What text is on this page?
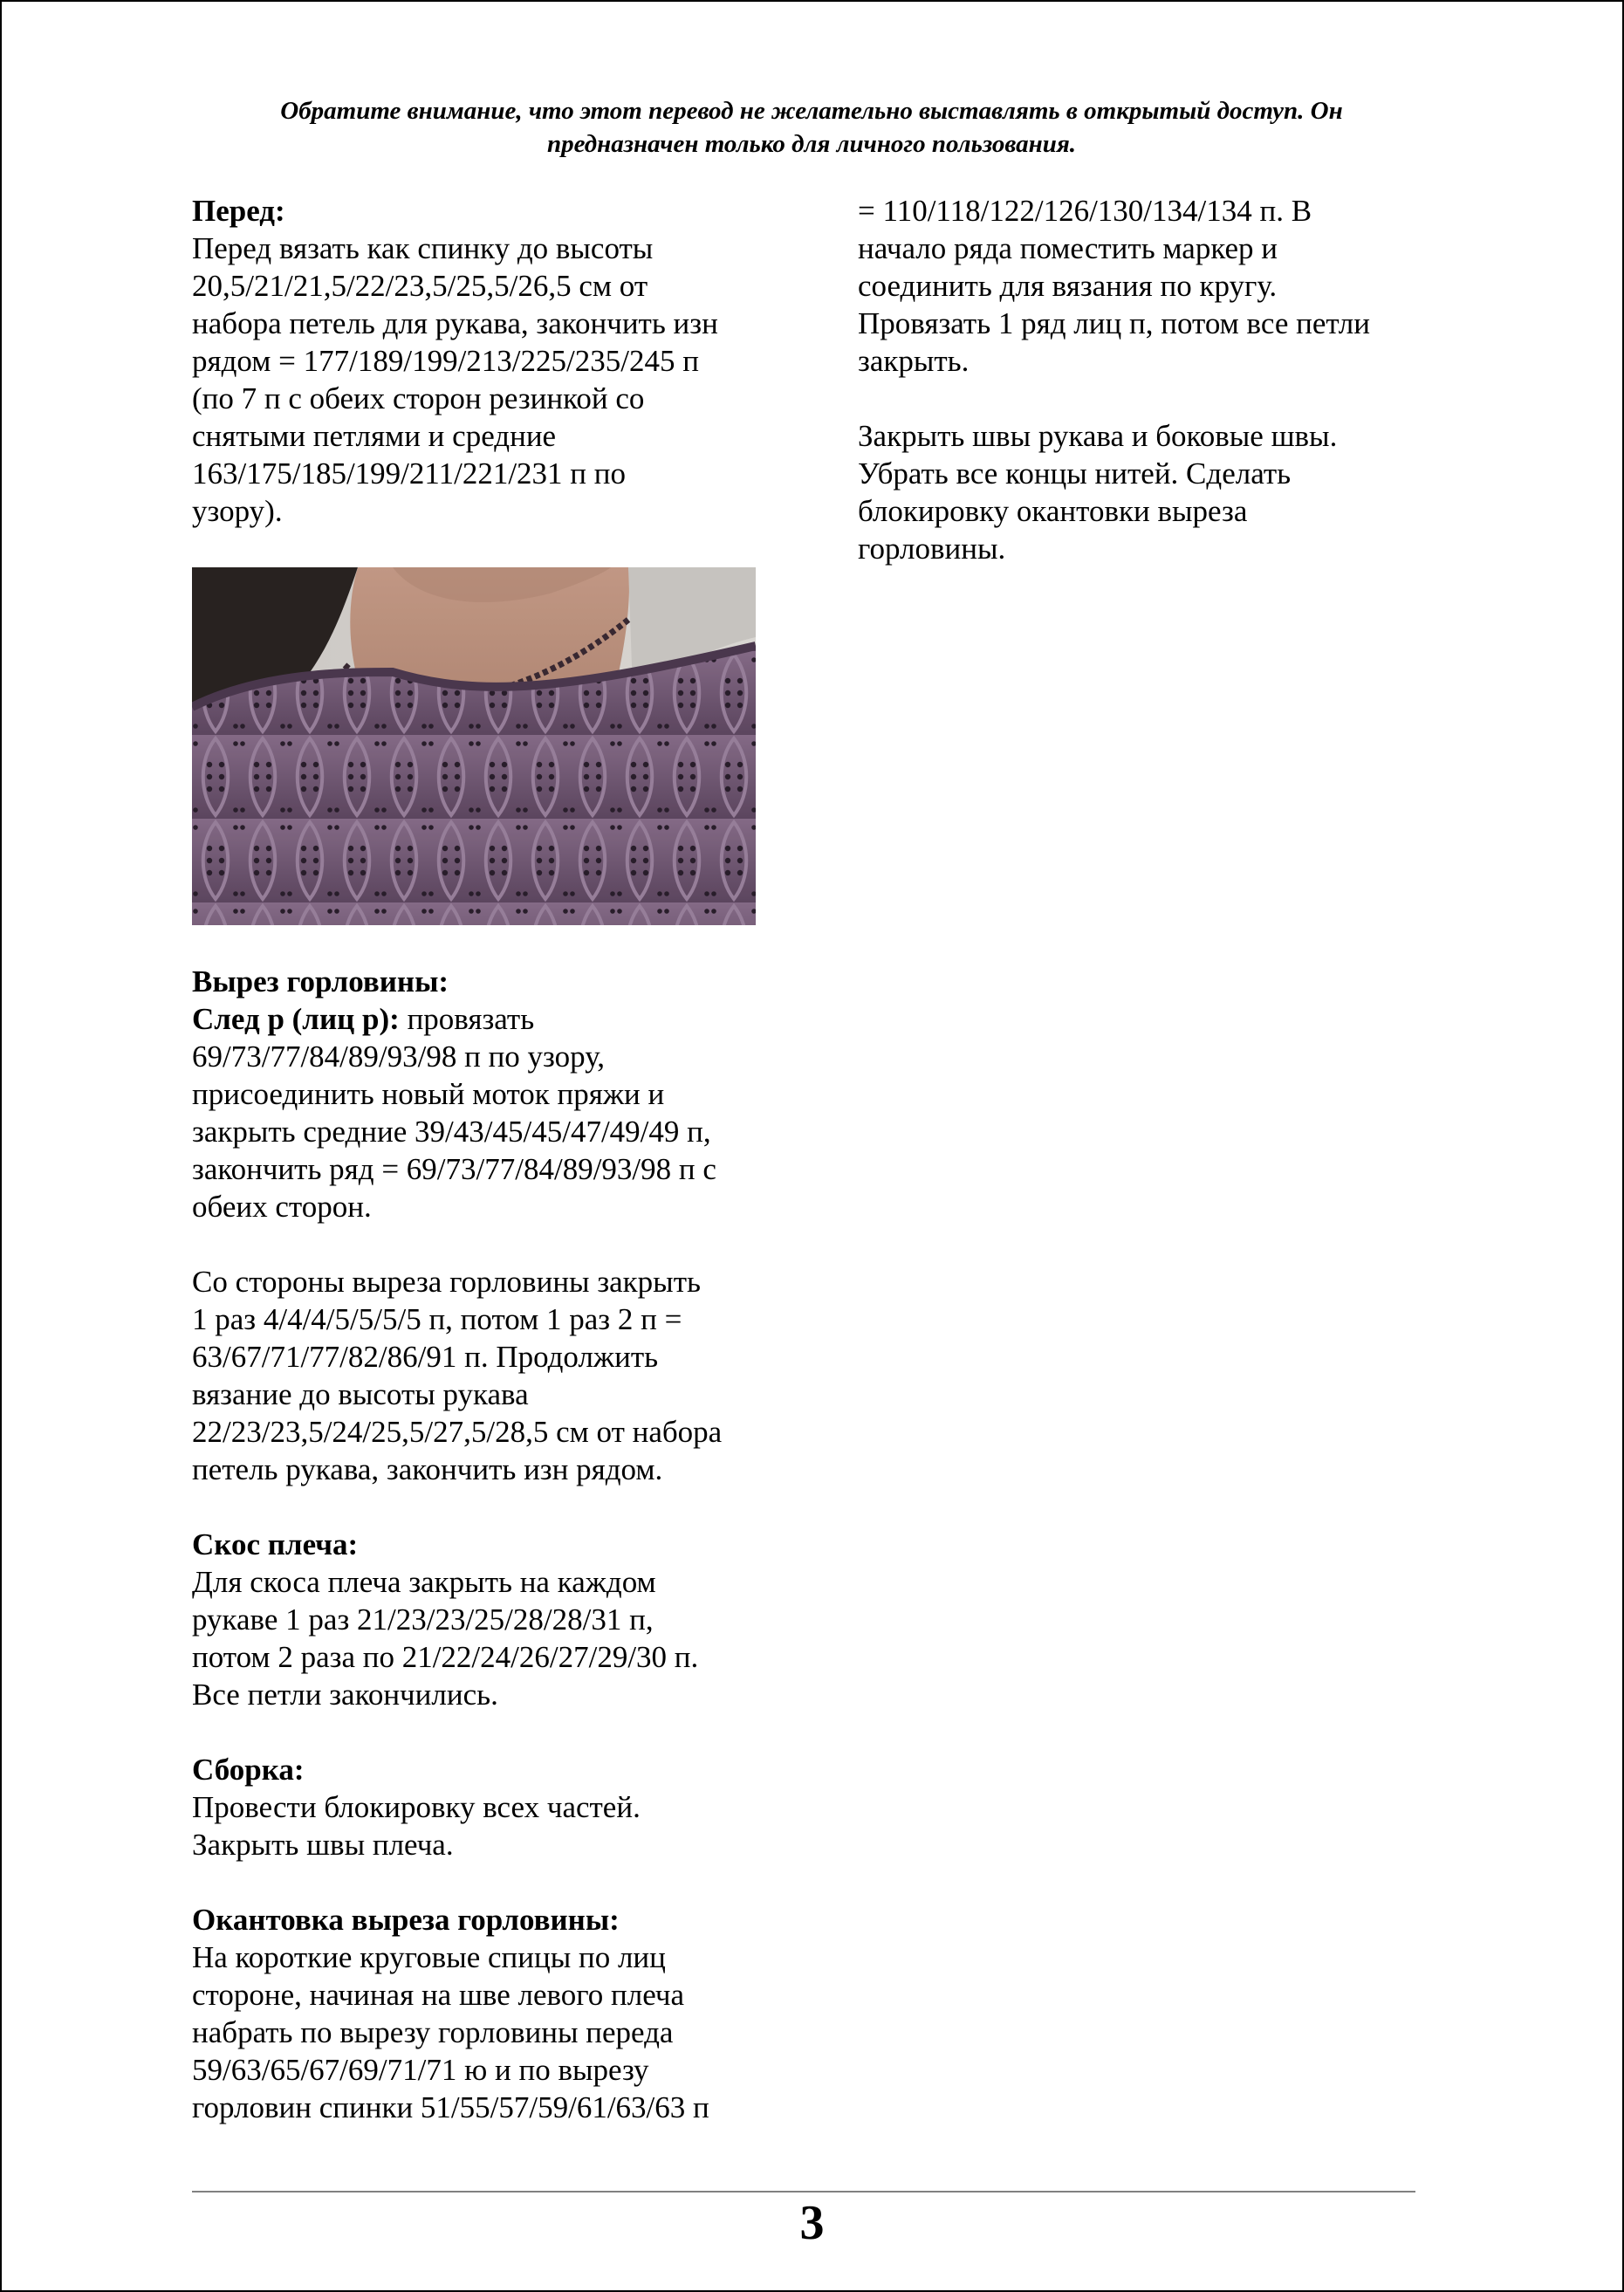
Обратите внимание, что этот перевод не желательно выставлять в открытый доступ. Он
предназначен только для личного пользования.
Перед:

Перед вязать как спинку до высоты
20,5/21/21,5/22/23,5/25,5/26,5 см от
набора петель для рукава, закончить изн
рядом = 177/189/199/213/225/235/245 п
(по 7 п с обеих сторон резинкой со
снятыми петлями и средние
163/175/185/199/211/221/231 п по
узору).

Вырез горловины:

След р (лиц р): провязать
69/73/77/84/89/93/98 п по узору,
присоединить новый моток пряжи и
закрыть средние 39/43/45/45/47/49/49 п,
закончить ряд = 69/73/77/84/89/93/98 п с
обеих сторон.

Со стороны выреза горловины закрыть
1 раз 4/4/4/5/5/5/5 п, потом 1 раз 2 п =
63/67/71/77/82/86/91 п. Продолжить
вязание до высоты рукава
22/23/23,5/24/25,5/27,5/28,5 см от набора
петель рукава, закончить изн рядом.

Скос плеча:

Для скоса плеча закрыть на каждом
рукаве 1 раз 21/23/23/25/28/28/31 п,
потом 2 раза по 21/22/24/26/27/29/30 п.
Все петли закончились.

Сборка:

Провести блокировку всех частей.
Закрыть швы плеча.

Окантовка выреза горловины:

На короткие круговые спицы по лиц
стороне, начиная на шве левого плеча
набрать по вырезу горловины переда
59/63/65/67/69/71/71 ю и по вырезу
горловин спинки 51/55/57/59/61/63/63 п

= 110/118/122/126/130/134/134 п. В
начало ряда поместить маркер и
соединить для вязания по кругу.
Провязать 1 ряд лиц п, потом все петли
закрыть.

Закрыть швы рукава и боковые швы.
Убрать все концы нитей. Сделать
блокировку окантовки выреза
горловины.

3
